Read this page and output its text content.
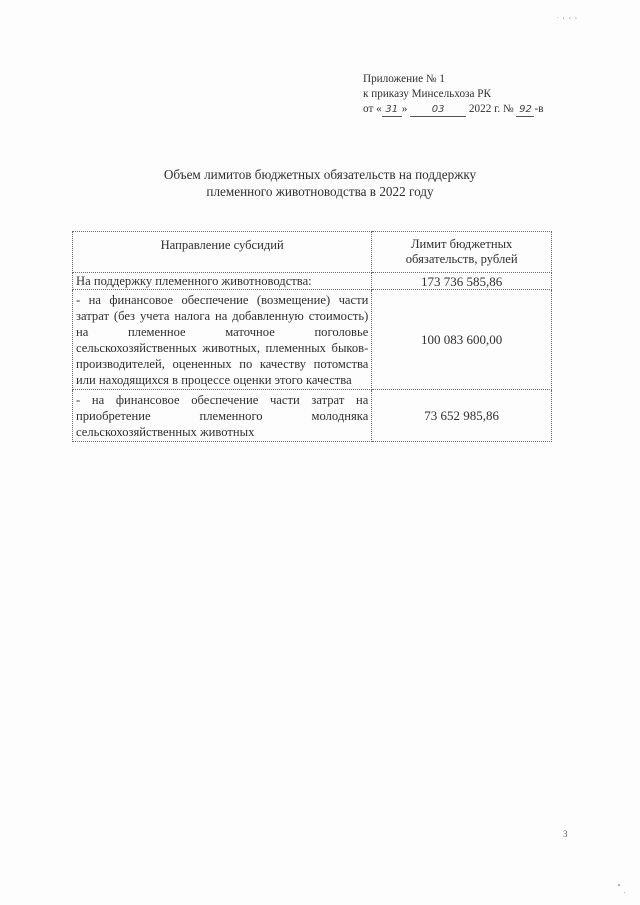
· ‹ ‹ ›
Приложение № 1
к приказу Минсельхоза РК
от « 31 » 03 2022 г. № 92 -в
Объем лимитов бюджетных обязательств на поддержку
племенного животноводства в 2022 году
Направление субсидий	Лимит бюджетных обязательств, рублей
На поддержку племенного животноводства:	173 736 585,86
- на финансовое обеспечение (возмещение) части затрат (без учета налога на добавленную стоимость) на племенное маточное поголовье сельскохозяйственных животных, племенных быков-производителей, оцененных по качеству потомства или находящихся в процессе оценки этого качества	100 083 600,00
- на финансовое обеспечение части затрат на приобретение племенного молодняка сельскохозяйственных животных	73 652 985,86
3
